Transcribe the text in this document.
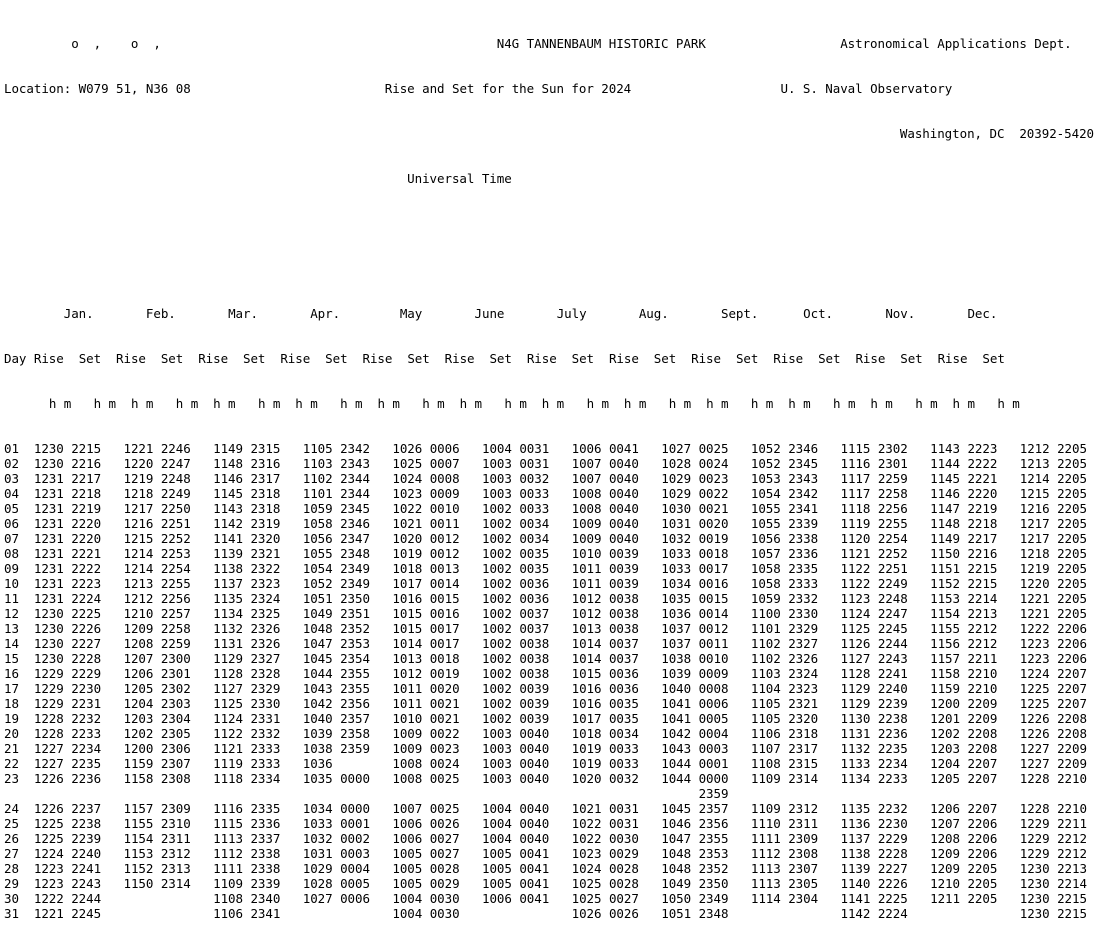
o  ,    o  ,	N4G TANNENBAUM HISTORIC PARK	Astronomical Applications Dept.

Location: W079 51, N36 08	Rise and Set for the Sun for 2024	U. S. Naval Observatory

Washington, DC  20392-5420

Universal Time

Jan.	Feb.	Mar.	Apr.	May	June	July	Aug.	Sept.	Oct.	Nov.	Dec.

Day Rise Set Rise Set Rise Set Rise Set Rise Set Rise Set Rise Set Rise Set Rise Set Rise Set Rise Set Rise Set

h m h m h m h m h m h m h m h m h m h m h m h m h m h m h m h m h m h m h m h m h m h m h m h m

01 1230 2215 1221 2246 1149 2315 1105 2342 1026 0006 1004 0031 1006 0041 1027 0025 1052 2346 1115 2302 1143 2223 1212 2205
02 1230 2216 1220 2247 1148 2316 1103 2343 1025 0007 1003 0031 1007 0040 1028 0024 1052 2345 1116 2301 1144 2222 1213 2205
03 1231 2217 1219 2248 1146 2317 1102 2344 1024 0008 1003 0032 1007 0040 1029 0023 1053 2343 1117 2259 1145 2221 1214 2205
04 1231 2218 1218 2249 1145 2318 1101 2344 1023 0009 1003 0033 1008 0040 1029 0022 1054 2342 1117 2258 1146 2220 1215 2205
05 1231 2219 1217 2250 1143 2318 1059 2345 1022 0010 1002 0033 1008 0040 1030 0021 1055 2341 1118 2256 1147 2219 1216 2205
06 1231 2220 1216 2251 1142 2319 1058 2346 1021 0011 1002 0034 1009 0040 1031 0020 1055 2339 1119 2255 1148 2218 1217 2205
07 1231 2220 1215 2252 1141 2320 1056 2347 1020 0012 1002 0034 1009 0040 1032 0019 1056 2338 1120 2254 1149 2217 1217 2205
08 1231 2221 1214 2253 1139 2321 1055 2348 1019 0012 1002 0035 1010 0039 1033 0018 1057 2336 1121 2252 1150 2216 1218 2205
09 1231 2222 1214 2254 1138 2322 1054 2349 1018 0013 1002 0035 1011 0039 1033 0017 1058 2335 1122 2251 1151 2215 1219 2205
10 1231 2223 1213 2255 1137 2323 1052 2349 1017 0014 1002 0036 1011 0039 1034 0016 1058 2333 1122 2249 1152 2215 1220 2205
11 1231 2224 1212 2256 1135 2324 1051 2350 1016 0015 1002 0036 1012 0038 1035 0015 1059 2332 1123 2248 1153 2214 1221 2205
12 1230 2225 1210 2257 1134 2325 1049 2351 1015 0016 1002 0037 1012 0038 1036 0014 1100 2330 1124 2247 1154 2213 1221 2205
13 1230 2226 1209 2258 1132 2326 1048 2352 1015 0017 1002 0037 1013 0038 1037 0012 1101 2329 1125 2245 1155 2212 1222 2206
14 1230 2227 1208 2259 1131 2326 1047 2353 1014 0017 1002 0038 1014 0037 1037 0011 1102 2327 1126 2244 1156 2212 1223 2206
15 1230 2228 1207 2300 1129 2327 1045 2354 1013 0018 1002 0038 1014 0037 1038 0010 1102 2326 1127 2243 1157 2211 1223 2206
16 1229 2229 1206 2301 1128 2328 1044 2355 1012 0019 1002 0038 1015 0036 1039 0009 1103 2324 1128 2241 1158 2210 1224 2207
17 1229 2230 1205 2302 1127 2329 1043 2355 1011 0020 1002 0039 1016 0036 1040 0008 1104 2323 1129 2240 1159 2210 1225 2207
18 1229 2231 1204 2303 1125 2330 1042 2356 1011 0021 1002 0039 1016 0035 1041 0006 1105 2321 1129 2239 1200 2209 1225 2207
19 1228 2232 1203 2304 1124 2331 1040 2357 1010 0021 1002 0039 1017 0035 1041 0005 1105 2320 1130 2238 1201 2209 1226 2208
20 1228 2233 1202 2305 1122 2332 1039 2358 1009 0022 1003 0040 1018 0034 1042 0004 1106 2318 1131 2236 1202 2208 1226 2208
21 1227 2234 1200 2306 1121 2333 1038 2359 1009 0023 1003 0040 1019 0033 1043 0003 1107 2317 1132 2235 1203 2208 1227 2209
22 1227 2235 1159 2307 1119 2333 1036	1008 0024 1003 0040 1019 0033 1044 0001 1108 2315 1133 2234 1204 2207 1227 2209
23 1226 2236 1158 2308 1118 2334 1035 0000 1008 0025 1003 0040 1020 0032 1044 0000 1109 2314 1134 2233 1205 2207 1228 2210
2359
24 1226 2237 1157 2309 1116 2335 1034 0000 1007 0025 1004 0040 1021 0031 1045 2357 1109 2312 1135 2232 1206 2207 1228 2210
25 1225 2238 1155 2310 1115 2336 1033 0001 1006 0026 1004 0040 1022 0031 1046 2356 1110 2311 1136 2230 1207 2206 1229 2211
26 1225 2239 1154 2311 1113 2337 1032 0002 1006 0027 1004 0040 1022 0030 1047 2355 1111 2309 1137 2229 1208 2206 1229 2212
27 1224 2240 1153 2312 1112 2338 1031 0003 1005 0027 1005 0041 1023 0029 1048 2353 1112 2308 1138 2228 1209 2206 1229 2212
28 1223 2241 1152 2313 1111 2338 1029 0004 1005 0028 1005 0041 1024 0028 1048 2352 1113 2307 1139 2227 1209 2205 1230 2213
29 1223 2243 1150 2314 1109 2339 1028 0005 1005 0029 1005 0041 1025 0028 1049 2350 1113 2305 1140 2226 1210 2205 1230 2214
30 1222 2244	1108 2340 1027 0006 1004 0030 1006 0041 1025 0027 1050 2349 1114 2304 1141 2225 1211 2205 1230 2215
31 1221 2245	1106 2341	1004 0030	1026 0026 1051 2348	1142 2224	1230 2215
